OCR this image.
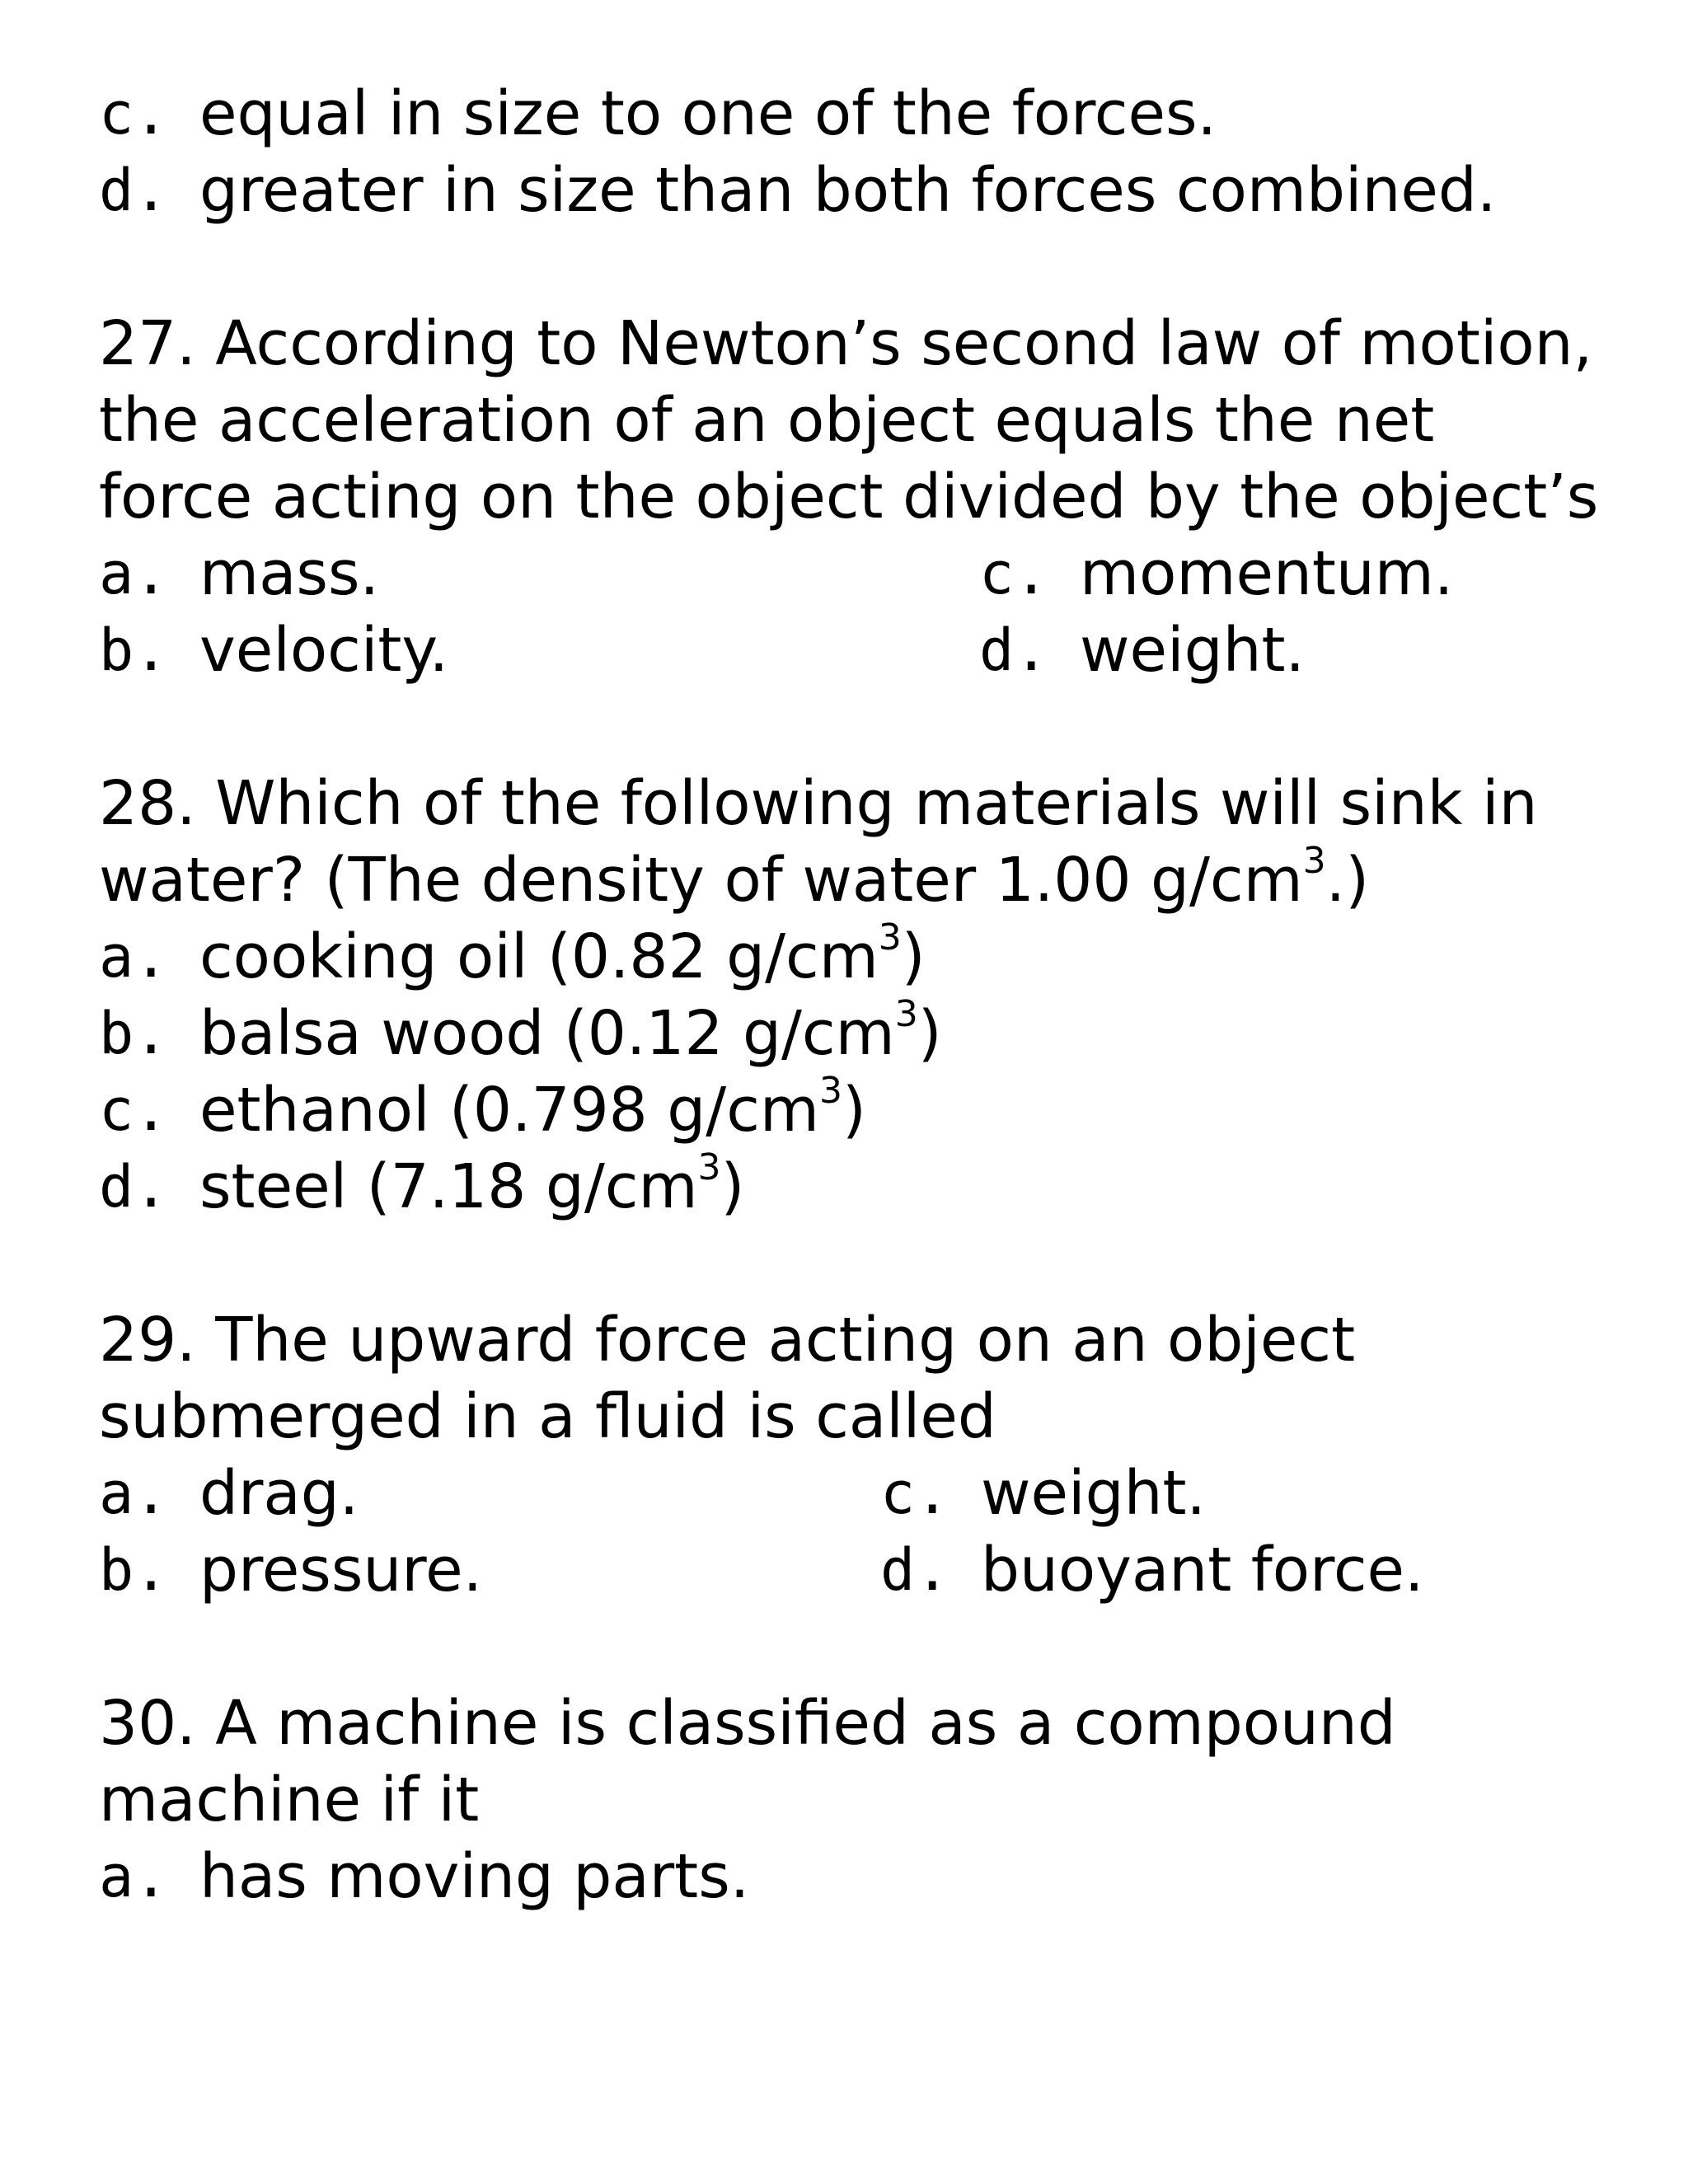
c. equal in size to one of the forces.
d. greater in size than both forces combined.
27. According to Newton’s second law of motion,
the acceleration of an object equals the net
force acting on the object divided by the object’s
a. mass.	c. momentum.
b. velocity.	d. weight.
28. Which of the following materials will sink in
water? (The density of water 1.00 $g/cm^3$.)
a. cooking oil (0.82 $g/cm^3$)
b. balsa wood (0.12 $g/cm^3$)
c. ethanol (0.798 $g/cm^3$)
d. steel (7.18 $g/cm^3$)
29. The upward force acting on an object
submerged in a fluid is called
a. drag.	c. weight.
b. pressure.	d. buoyant force.
30. A machine is classified as a compound
machine if it
a. has moving parts.
